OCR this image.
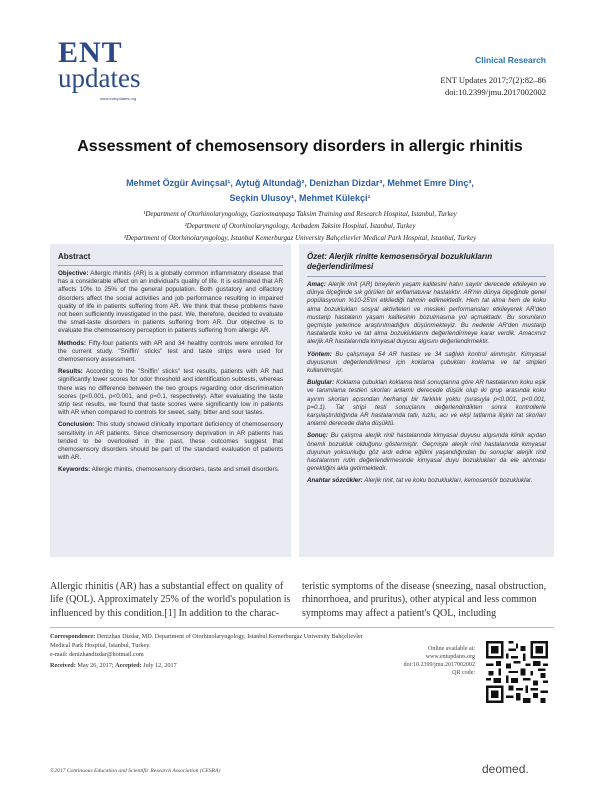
ENT
updates
www.entupdates.org
Clinical Research
ENT Updates 2017;7(2):82–86
doi:10.2399/jmu.2017002002
Assessment of chemosensory disorders in allergic rhinitis
Mehmet Özgür Avinçsal¹, Aytuğ Altundağ², Denizhan Dizdar³, Mehmet Emre Dinç³,
Seçkin Ulusoy¹, Mehmet Külekçi¹
¹Department of Otorhinolaryngology, Gaziosmanpaşa Taksim Training and Research Hospital, Istanbul, Turkey
²Department of Otorhinolaryngology, Acıbadem Taksim Hospital, Istanbul, Turkey
³Department of Otorhinolaryngology, Istanbul Kemerburgaz University Bahçelievler Medical Park Hospital, Istanbul, Turkey
Abstract

Objective: Allergic rhinitis (AR) is a globally common inflammatory disease that has a considerable effect on an individual's quality of life. It is estimated that AR affects 10% to 25% of the general population. Both gustatory and olfactory disorders affect the social activities and job performance resulting in impaired quality of life in patients suffering from AR. We think that these problems have not been sufficiently investigated in the past. We, therefore, decided to evaluate the small-taste disorders in patients suffering from AR. Our objective is to evaluate the chemosensory perception in patients suffering from allergic AR.

Methods: Fifty-four patients with AR and 34 healthy controls were enrolled for the current study. "Sniffin' sticks" test and taste strips were used for chemosensory assessment.

Results: According to the "Sniffin' sticks" test results, patients with AR had significantly lower scores for odor threshold and identification subtests, whereas there was no difference between the two groups regarding odor discrimination scores (p<0.001, p<0.001, and p=0.1, respectively). After evaluating the taste strip test results, we found that taste scores were significantly low in patients with AR when compared to controls for sweet, salty, bitter and sour tastes.

Conclusion: This study showed clinically important deficiency of chemosensory sensitivity in AR patients. Since chemosensory deprivation in AR patients has tended to be overlooked in the past, these outcomes suggest that chemosensory disorders should be part of the standard evaluation of patients with AR.

Keywords: Allergic rhinitis, chemosensory disorders, taste and smell disorders.

Özet: Alerjik rinitte kemosensöryal bozuklukların değerlendirilmesi

Amaç: Alerjik rinit (AR) bireylerin yaşam kalitesini hatırı sayılır derecede etkileyen ve dünya ölçeğinde sık görülen bir enflamatuvar hastalıktır. AR'nin dünya ölçeğinde genel popülasyonun %10-25'ini etkilediği tahmin edilmektedir. Hem tat alma hem de koku alma bozuklukları sosyal aktiviteleri ve mesleki performansları etkileyerek AR'den mustarip hastaların yaşam kalitesinin bozulmasına yol açmaktadır. Bu sorunların geçmişte yeterince araştırılmadığını düşünmekteyiz. Bu nedenle AR'den mustarip hastalarda koku ve tat alma bozukluklarını değerlendirmeye karar verdik. Amacımız alerjik AR hastalarında kimyasal duyusu algısını değerlendirmektir.

Yöntem: Bu çalışmaya 54 AR hastası ve 34 sağlıklı kontrol alınmıştır. Kimyasal duyusunun değerlendirilmesi için koklama çubukları koklama ve tat stripleri kullanılmıştır.

Bulgular: Koklama çubukları koklama testi sonuçlarına göre AR hastalarının koku eşik ve tanımlama testleri skorları anlamlı derecede düşük olup iki grup arasında koku ayırım skorları açısından herhangi bir farklılık yoktu (sırasıyla p<0.001, p<0.001, p=0.1). Tat stripi testi sonuçlarını değerlendirdikten sonra kontrollerle karşılaştırıldığında AR hastalarında tatlı, tuzlu, acı ve ekşi tatlarına ilişkin tat skorları anlamlı derecede daha düşüktü.

Sonuç: Bu çalışma alerjik rinit hastalarında kimyasal duyusu algısında klinik açıdan önemli bozukluk olduğunu göstermiştir. Geçmişte alerjik rinit hastalarında kimyasal duyunun yoksunluğu göz ardı edme eğilimi yaşandığından bu sonuçlar alerjik rinit hastalarının rutin değerlendirmesinde kimyasal duyu bozuklukları da ele alınması gerektiğini akla getirmektedir.

Anahtar sözcükler: Alerjik rinit, tat ve koku bozuklukları, kemosensör bozukluklar.

Allergic rhinitis (AR) has a substantial effect on quality of life (QOL). Approximately 25% of the world's population is influenced by this condition.[1] In addition to the charac-
teristic symptoms of the disease (sneezing, nasal obstruction, rhinorrhoea, and pruritus), other atypical and less common symptoms may affect a patient's QOL, including
Correspondence: Denizhan Dizdar, MD. Department of Otorhinolaryngology, Istanbul Kemerburgaz University Bahçelievler Medical Park Hospital, Istanbul, Turkey.
e-mail: denizhandizdar@hotmail.com
Received: May 26, 2017; Accepted: July 12, 2017
Online available at:
www.entupdates.org
doi:10.2399/jmu.2017002002
QR code:
©2017 Continuous Education and Scientific Research Association (CESRA)	deomed.
